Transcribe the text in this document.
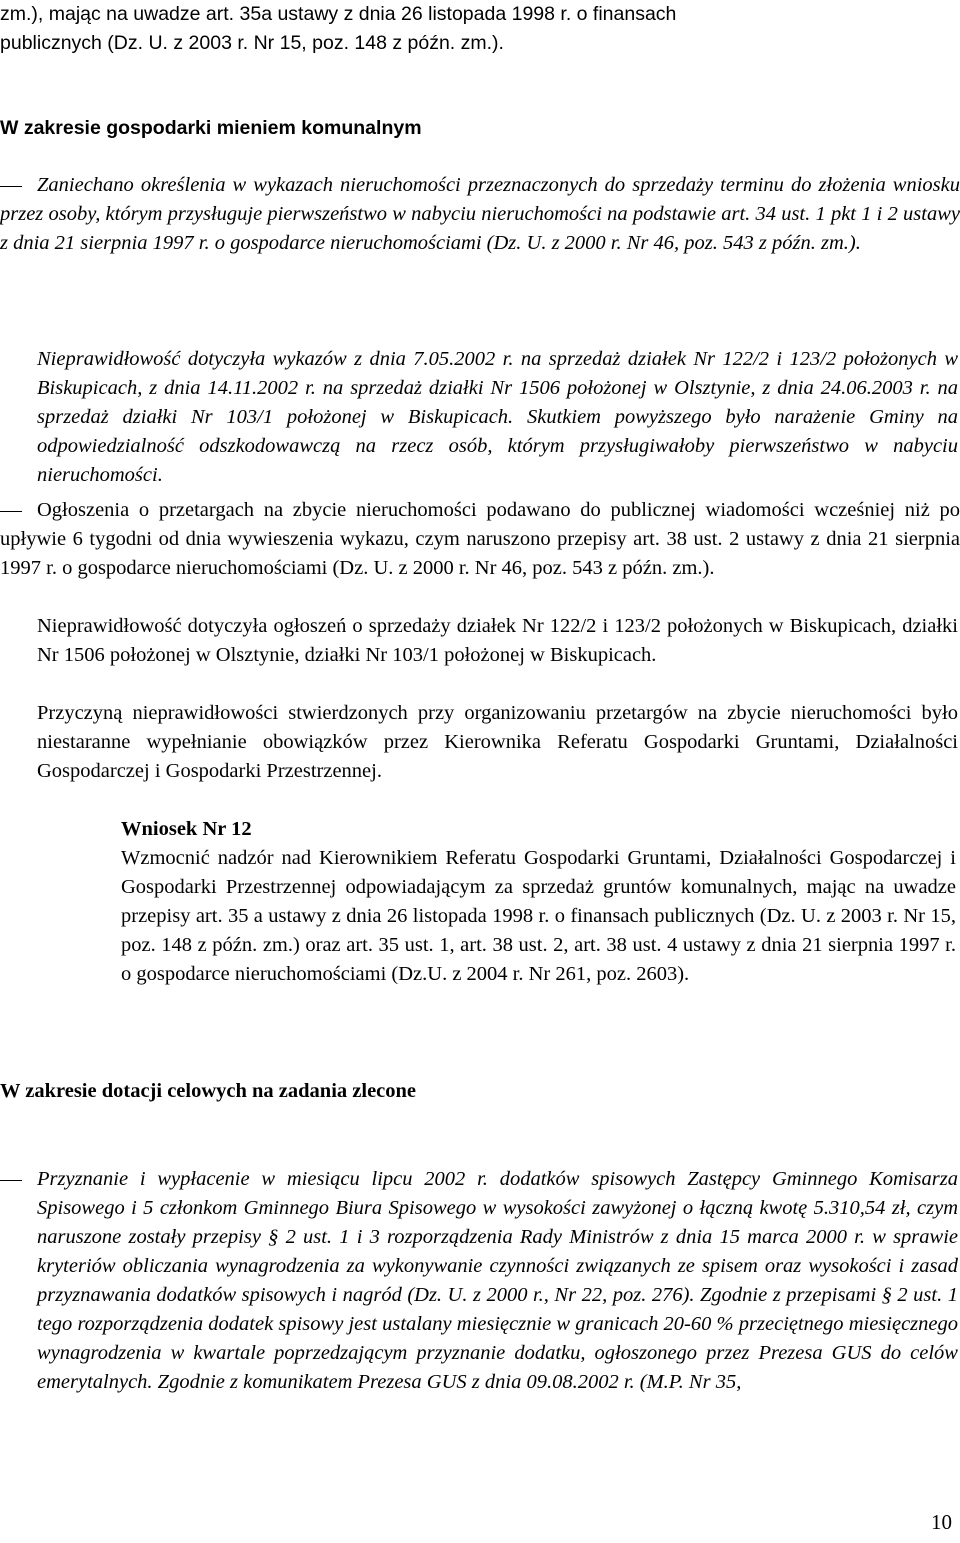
zm.), mając na uwadze art. 35a ustawy z dnia 26 listopada 1998 r. o finansach
publicznych (Dz. U. z 2003 r. Nr 15, poz. 148 z późn. zm.).
W zakresie gospodarki mieniem komunalnym
Zaniechano określenia w wykazach nieruchomości przeznaczonych do sprzedaży terminu do złożenia wniosku przez osoby, którym przysługuje pierwszeństwo w nabyciu nieruchomości na podstawie art. 34 ust. 1 pkt 1 i 2 ustawy z dnia 21 sierpnia 1997 r. o gospodarce nieruchomościami (Dz. U. z 2000 r. Nr 46, poz. 543 z późn. zm.).
Nieprawidłowość dotyczyła wykazów z dnia 7.05.2002 r. na sprzedaż działek Nr 122/2 i 123/2 położonych w Biskupicach, z dnia 14.11.2002 r. na sprzedaż działki Nr 1506 położonej w Olsztynie, z dnia 24.06.2003 r. na sprzedaż działki Nr 103/1 położonej w Biskupicach. Skutkiem powyższego było narażenie Gminy na odpowiedzialność odszkodowawczą na rzecz osób, którym przysługiwałoby pierwszeństwo w nabyciu nieruchomości.
Ogłoszenia o przetargach na zbycie nieruchomości podawano do publicznej wiadomości wcześniej niż po upływie 6 tygodni od dnia wywieszenia wykazu, czym naruszono przepisy art. 38 ust. 2 ustawy z dnia 21 sierpnia 1997 r. o gospodarce nieruchomościami (Dz. U. z 2000 r. Nr 46, poz. 543 z późn. zm.).
Nieprawidłowość dotyczyła ogłoszeń o sprzedaży działek Nr 122/2 i 123/2 położonych w Biskupicach, działki Nr 1506 położonej w Olsztynie, działki Nr 103/1 położonej w Biskupicach.
Przyczyną nieprawidłowości stwierdzonych przy organizowaniu przetargów na zbycie nieruchomości było niestaranne wypełnianie obowiązków przez Kierownika Referatu Gospodarki Gruntami, Działalności Gospodarczej i Gospodarki Przestrzennej.
Wniosek Nr 12
Wzmocnić nadzór nad Kierownikiem Referatu Gospodarki Gruntami, Działalności Gospodarczej i Gospodarki Przestrzennej odpowiadającym za sprzedaż gruntów komunalnych, mając na uwadze przepisy art. 35 a ustawy z dnia 26 listopada 1998 r. o finansach publicznych (Dz. U. z 2003 r. Nr 15, poz. 148 z późn. zm.) oraz art. 35 ust. 1, art. 38 ust. 2, art. 38 ust. 4 ustawy z dnia 21 sierpnia 1997 r. o gospodarce nieruchomościami (Dz.U. z 2004 r. Nr 261, poz. 2603).
W zakresie dotacji celowych na zadania zlecone
Przyznanie i wypłacenie w miesiącu lipcu 2002 r. dodatków spisowych Zastępcy Gminnego Komisarza Spisowego i 5 członkom Gminnego Biura Spisowego w wysokości zawyżonej o łączną kwotę 5.310,54 zł, czym naruszone zostały przepisy § 2 ust. 1 i 3 rozporządzenia Rady Ministrów z dnia 15 marca 2000 r. w sprawie kryteriów obliczania wynagrodzenia za wykonywanie czynności związanych ze spisem oraz wysokości i zasad przyznawania dodatków spisowych i nagród (Dz. U. z 2000 r., Nr 22, poz. 276). Zgodnie z przepisami § 2 ust. 1 tego rozporządzenia dodatek spisowy jest ustalany miesięcznie w granicach 20-60 % przeciętnego miesięcznego wynagrodzenia w kwartale poprzedzającym przyznanie dodatku, ogłoszonego przez Prezesa GUS do celów emerytalnych. Zgodnie z komunikatem Prezesa GUS z dnia 09.08.2002 r. (M.P. Nr 35,
10
